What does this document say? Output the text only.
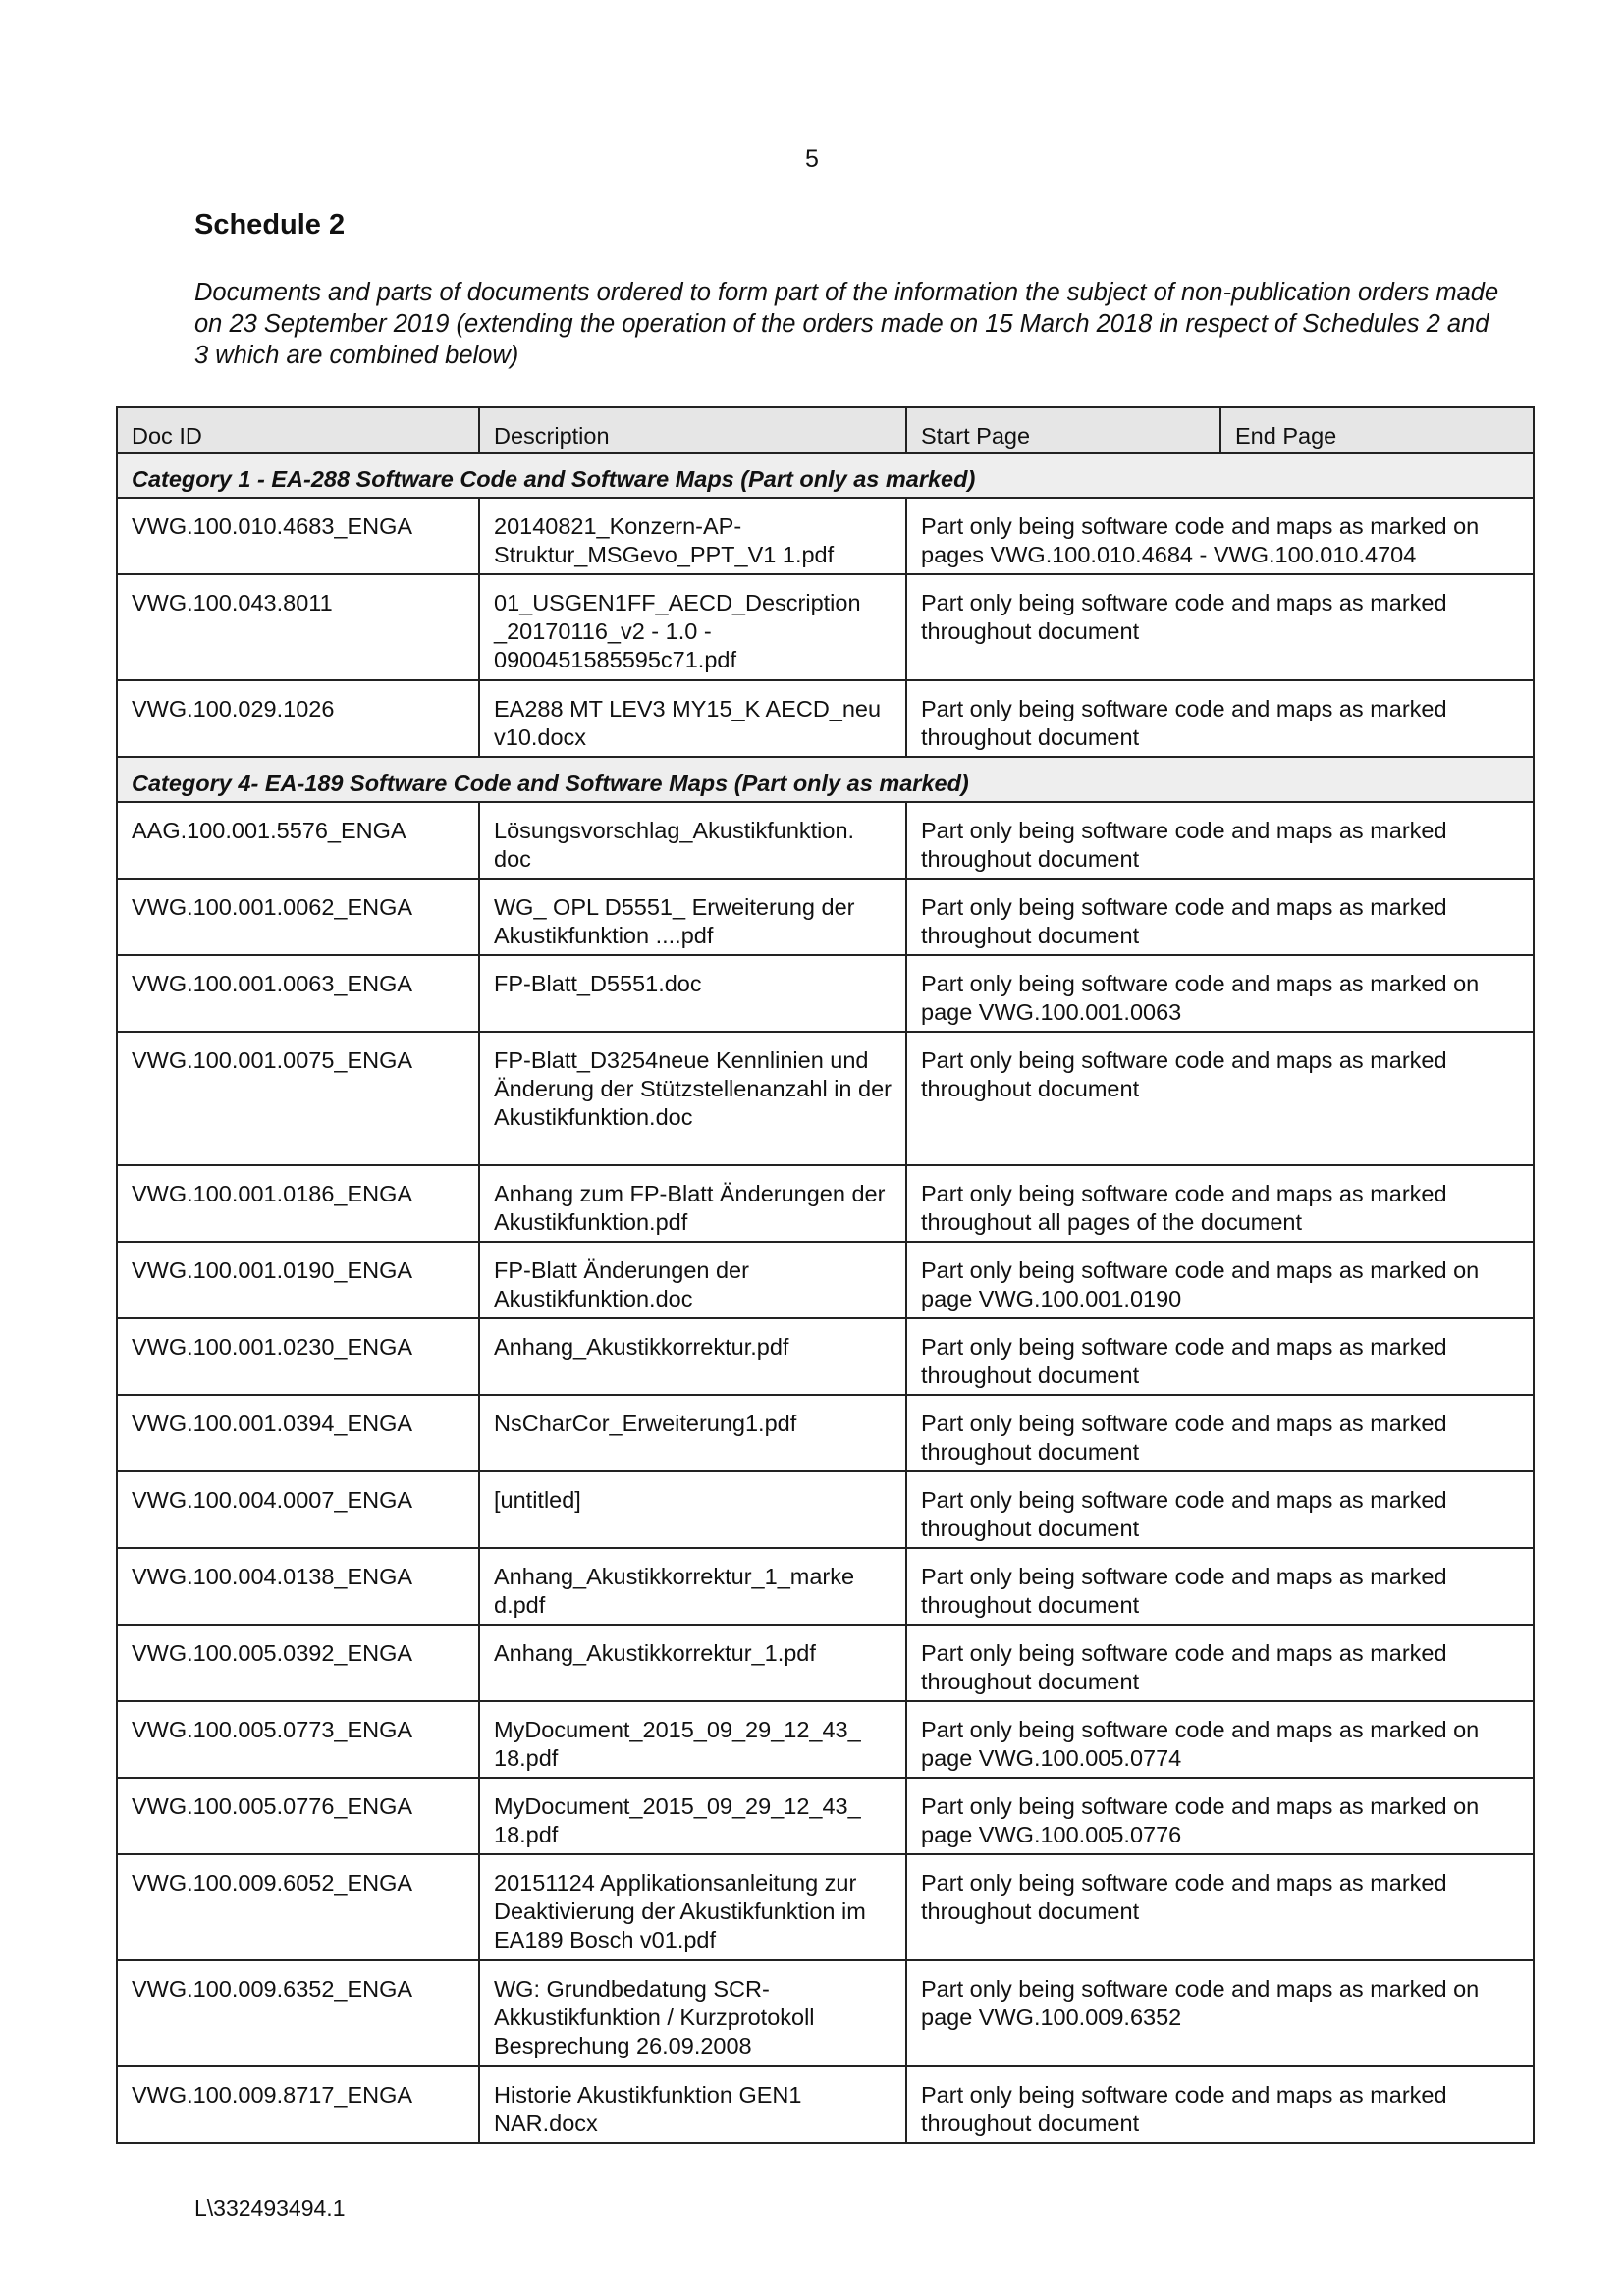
5
Schedule 2

Documents and parts of documents ordered to form part of the information the subject of non-publication orders made on 23 September 2019 (extending the operation of the orders made on 15 March 2018 in respect of Schedules 2 and 3 which are combined below)

Doc ID	Description	Start Page	End Page
Category 1 - EA-288 Software Code and Software Maps (Part only as marked)			
VWG.100.010.4683_ENGA	20140821_Konzern-AP-Struktur_MSGevo_PPT_V1 1.pdf	Part only being software code and maps as marked on pages VWG.100.010.4684 - VWG.100.010.4704	
VWG.100.043.8011	01_USGEN1FF_AECD_Description _20170116_v2 - 1.0 - 0900451585595c71.pdf	Part only being software code and maps as marked throughout document	
VWG.100.029.1026	EA288 MT LEV3 MY15_K AECD_neu v10.docx	Part only being software code and maps as marked throughout document	
Category 4- EA-189 Software Code and Software Maps (Part only as marked)			
AAG.100.001.5576_ENGA	Lösungsvorschlag_Akustikfunktion. doc	Part only being software code and maps as marked throughout document	
VWG.100.001.0062_ENGA	WG_ OPL D5551_ Erweiterung der Akustikfunktion ....pdf	Part only being software code and maps as marked throughout document	
VWG.100.001.0063_ENGA	FP-Blatt_D5551.doc	Part only being software code and maps as marked on page VWG.100.001.0063	
VWG.100.001.0075_ENGA	FP-Blatt_D3254neue Kennlinien und Änderung der Stützstellenanzahl in der Akustikfunktion.doc	Part only being software code and maps as marked throughout document	
VWG.100.001.0186_ENGA	Anhang zum FP-Blatt Änderungen der Akustikfunktion.pdf	Part only being software code and maps as marked throughout all pages of the document	
VWG.100.001.0190_ENGA	FP-Blatt Änderungen der Akustikfunktion.doc	Part only being software code and maps as marked on page VWG.100.001.0190	
VWG.100.001.0230_ENGA	Anhang_Akustikkorrektur.pdf	Part only being software code and maps as marked throughout document	
VWG.100.001.0394_ENGA	NsCharCor_Erweiterung1.pdf	Part only being software code and maps as marked throughout document	
VWG.100.004.0007_ENGA	[untitled]	Part only being software code and maps as marked throughout document	
VWG.100.004.0138_ENGA	Anhang_Akustikkorrektur_1_marke d.pdf	Part only being software code and maps as marked throughout document	
VWG.100.005.0392_ENGA	Anhang_Akustikkorrektur_1.pdf	Part only being software code and maps as marked throughout document	
VWG.100.005.0773_ENGA	MyDocument_2015_09_29_12_43_ 18.pdf	Part only being software code and maps as marked on page VWG.100.005.0774	
VWG.100.005.0776_ENGA	MyDocument_2015_09_29_12_43_ 18.pdf	Part only being software code and maps as marked on page VWG.100.005.0776	
VWG.100.009.6052_ENGA	20151124 Applikationsanleitung zur Deaktivierung der Akustikfunktion im EA189 Bosch v01.pdf	Part only being software code and maps as marked throughout document	
VWG.100.009.6352_ENGA	WG: Grundbedatung SCR-Akkustikfunktion / Kurzprotokoll Besprechung 26.09.2008	Part only being software code and maps as marked on page VWG.100.009.6352	
VWG.100.009.8717_ENGA	Historie Akustikfunktion GEN1 NAR.docx	Part only being software code and maps as marked throughout document	
L\332493494.1
